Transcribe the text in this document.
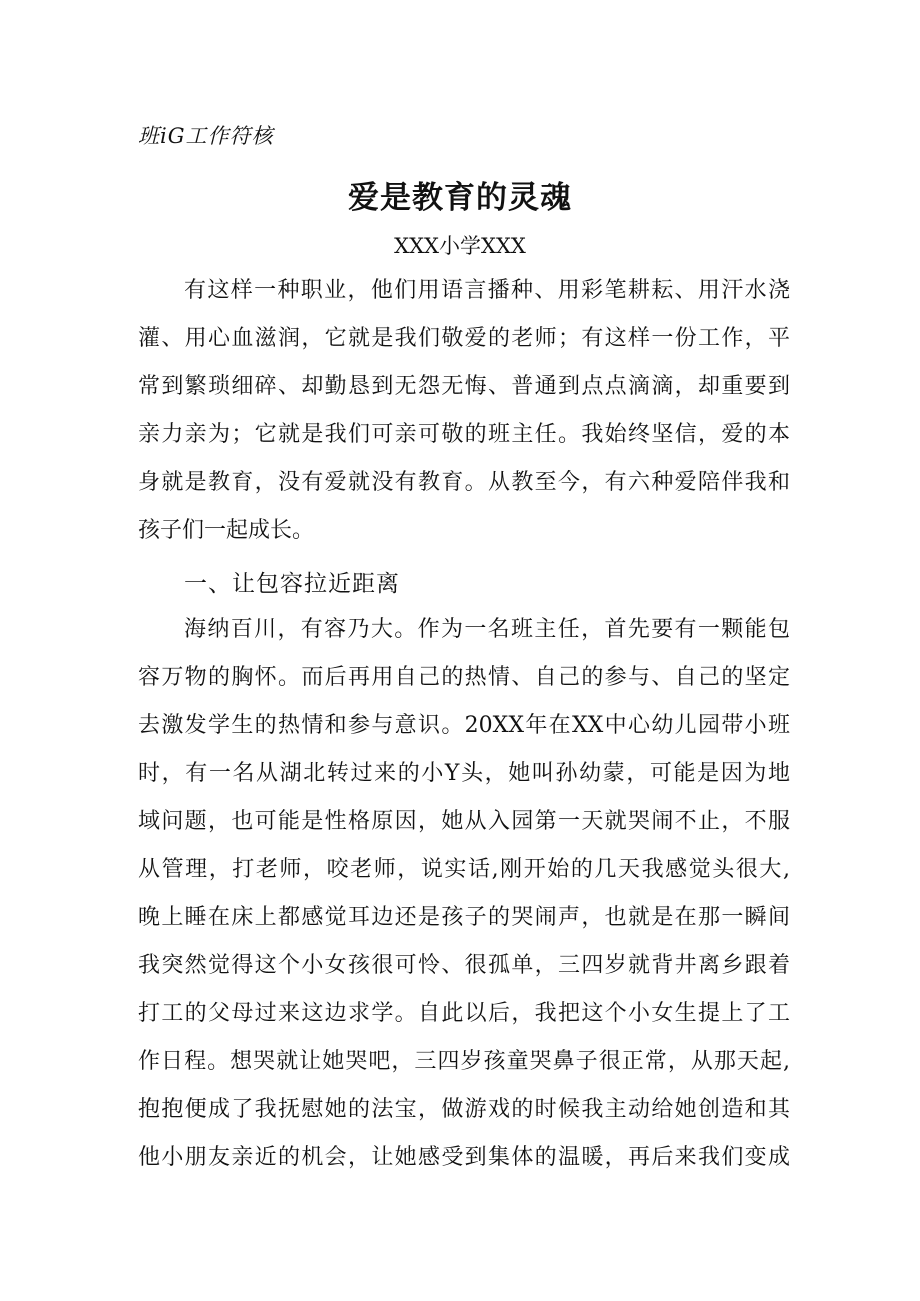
班iG工作符核
爱是教育的灵魂
XXX小学XXX
有这样一种职业，他们用语言播种、用彩笔耕耘、用汗水浇
灌、用心血滋润，它就是我们敬爱的老师；有这样一份工作，平
常到繁琐细碎、却勤恳到无怨无悔、普通到点点滴滴，却重要到
亲力亲为；它就是我们可亲可敬的班主任。我始终坚信，爱的本
身就是教育，没有爱就没有教育。从教至今，有六种爱陪伴我和
孩子们一起成长。
一、让包容拉近距离
海纳百川，有容乃大。作为一名班主任，首先要有一颗能包
容万物的胸怀。而后再用自己的热情、自己的参与、自己的坚定
去激发学生的热情和参与意识。20XX年在XX中心幼儿园带小班
时，有一名从湖北转过来的小Y头，她叫孙幼蒙，可能是因为地
域问题，也可能是性格原因，她从入园第一天就哭闹不止，不服
从管理，打老师，咬老师，说实话,刚开始的几天我感觉头很大,
晚上睡在床上都感觉耳边还是孩子的哭闹声，也就是在那一瞬间
我突然觉得这个小女孩很可怜、很孤单，三四岁就背井离乡跟着
打工的父母过来这边求学。自此以后，我把这个小女生提上了工
作日程。想哭就让她哭吧，三四岁孩童哭鼻子很正常，从那天起,
抱抱便成了我抚慰她的法宝，做游戏的时候我主动给她创造和其
他小朋友亲近的机会，让她感受到集体的温暖，再后来我们变成
